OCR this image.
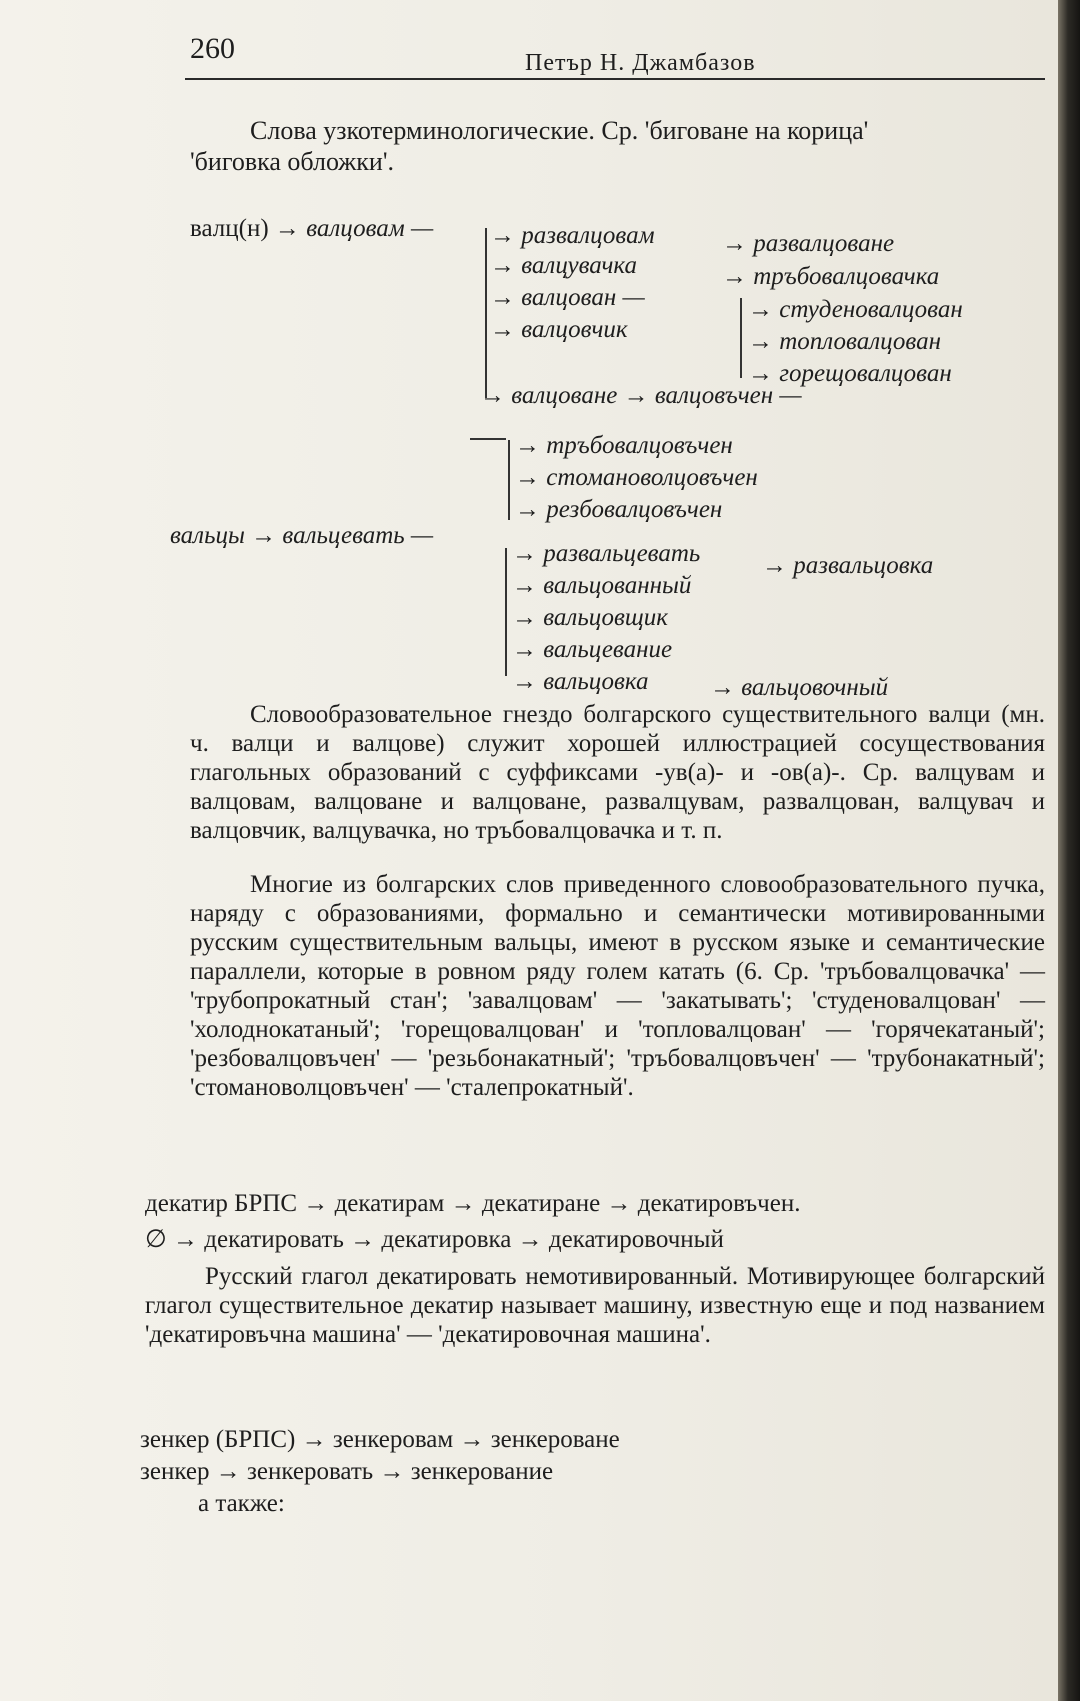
260	Петър Н. Джамбазов
Слова узкотерминологические. Ср. 'биговане на корица'
'биговка обложки'.
валц(н) → валцовам — → развалцовам	→ развалцоване
→ валцувачка	→ тръбовалцовачка
→ валцован —
→ валцовчик
→ студеновалцован
→ топловалцован
→ горещовалцован
→ валцоване → валцовъчен —
→ тръбовалцовъчен
→ стомановолцовъчен
→ резбовалцовъчен
вальцы → вальцевать —
→ развальцевать → развальцовка
→ вальцованный
→ вальцовщик
→ вальцевание
→ вальцовка → вальцовочный

Словообразовательное гнездо болгарского существительного валци (мн. ч. валци и валцове) служит хорошей иллюстрацией сосуществования глагольных образований с суффиксами -ув(а)- и -ов(а)-. Ср. валцувам и валцовам, валцоване и валцоване, развалцувам, развалцован, валцувач и валцовчик, валцувачка, но тръбовалцовачка и т. п.

Многие из болгарских слов приведенного словообразовательного пучка, наряду с образованиями, формально и семантически мотивированными русским существительным вальцы, имеют в русском языке и семантические параллели, которые в ровном ряду голем катать (6. Ср. 'тръбовалцовачка' — 'трубопрокатный стан'; 'завалцовам' — 'закатывать'; 'студеновалцован' — 'холоднокатаный'; 'горещовалцован' и 'топловалцован' — 'горячекатаный'; 'резбовалцовъчен' — 'резьбонакатный'; 'тръбовалцовъчен' — 'трубонакатный'; 'стомановолцовъчен' — 'сталепрокатный'.

декатир БРПС → декатирам → декатиране → декатировъчен.
∅ → декатировать → декатировка → декатировочный

Русский глагол декатировать немотивированный. Мотивирующее болгарский глагол существительное декатир называет машину, известную еще и под названием 'декатировъчна машина' — 'декатировочная машина'.

зенкер (БРПС) → зенкеровам → зенкероване
зенкер → зенкеровать → зенкерование
а также:
